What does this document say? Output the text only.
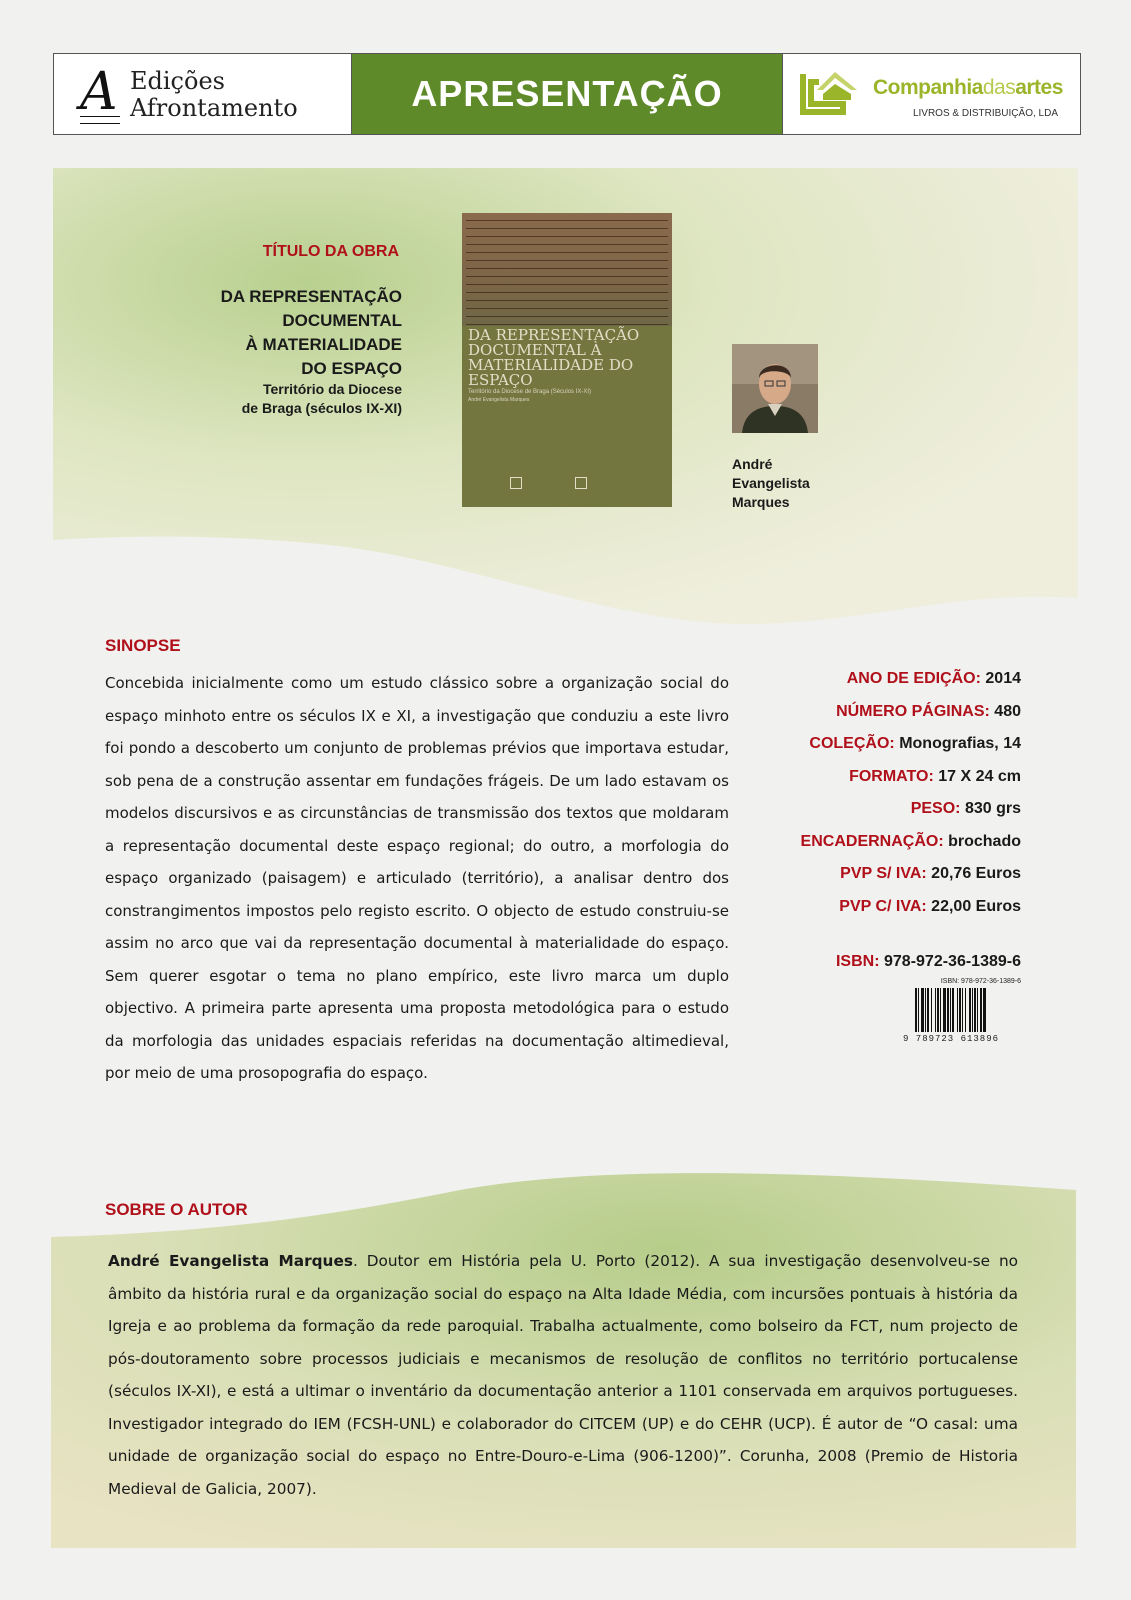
A Edições
Afrontamento	APRESENTAÇÃO	Companhiadasartes
LIVROS & DISTRIBUIÇÃO, LDA
TÍTULO DA OBRA
DA REPRESENTAÇÃO
DOCUMENTAL
À MATERIALIDADE
DO ESPAÇO
Território da Diocese
de Braga (séculos IX-XI)
DA REPRESENTAÇÃO DOCUMENTAL À MATERIALIDADE DO ESPAÇO
Território da Diocese de Braga (Séculos IX-XI)
André Evangelista Marques
André
Evangelista
Marques
SINOPSE
Concebida inicialmente como um estudo clássico sobre a organização social do espaço minhoto entre os séculos IX e XI, a investigação que conduziu a este livro foi pondo a descoberto um conjunto de problemas prévios que importava estudar, sob pena de a construção assentar em fundações frágeis. De um lado estavam os modelos discursivos e as circunstâncias de transmissão dos textos que moldaram a representação documental deste espaço regional; do outro, a morfologia do espaço organizado (paisagem) e articulado (território), a analisar dentro dos constrangimentos impostos pelo registo escrito. O objecto de estudo construiu-se assim no arco que vai da representação documental à materialidade do espaço. Sem querer esgotar o tema no plano empírico, este livro marca um duplo objectivo. A primeira parte apresenta uma proposta metodológica para o estudo da morfologia das unidades espaciais referidas na documentação altimedieval, por meio de uma prosopografia do espaço.
ANO DE EDIÇÃO: 2014
NÚMERO PÁGINAS: 480
COLEÇÃO: Monografias, 14
FORMATO: 17 X 24 cm
PESO: 830 grs
ENCADERNAÇÃO: brochado
PVP S/ IVA: 20,76 Euros
PVP C/ IVA: 22,00 Euros
ISBN: 978-972-36-1389-6
ISBN: 978-972-36-1389-6
9 789723 613896
SOBRE O AUTOR
André Evangelista Marques. Doutor em História pela U. Porto (2012). A sua investigação desenvolveu-se no âmbito da história rural e da organização social do espaço na Alta Idade Média, com incursões pontuais à história da Igreja e ao problema da formação da rede paroquial. Trabalha actualmente, como bolseiro da FCT, num projecto de pós-doutoramento sobre processos judiciais e mecanismos de resolução de conflitos no território portucalense (séculos IX-XI), e está a ultimar o inventário da documentação anterior a 1101 conservada em arquivos portugueses. Investigador integrado do IEM (FCSH-UNL) e colaborador do CITCEM (UP) e do CEHR (UCP). É autor de “O casal: uma unidade de organização social do espaço no Entre-Douro-e-Lima (906-1200)”. Corunha, 2008 (Premio de Historia Medieval de Galicia, 2007).
